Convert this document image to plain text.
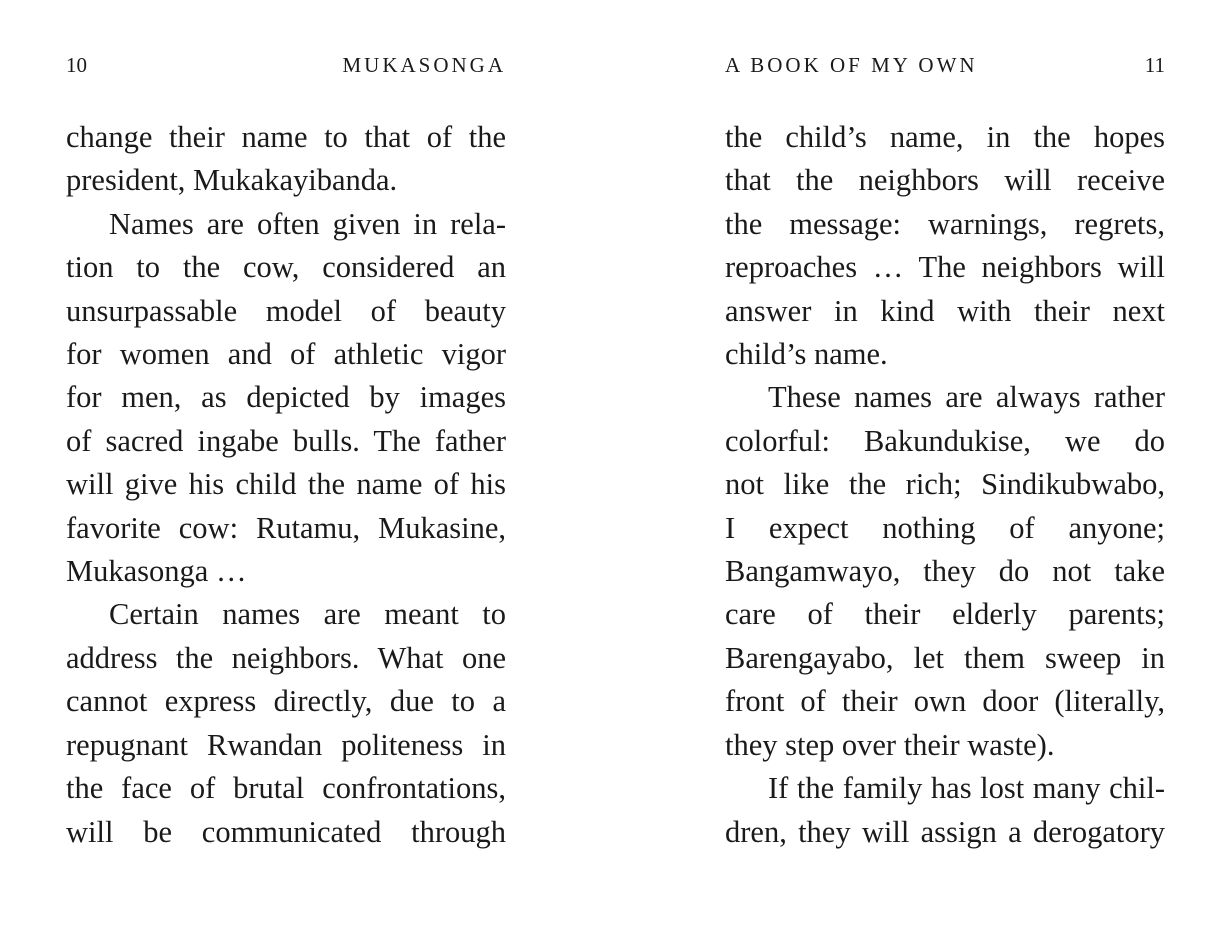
10	MUKASONGA
change their name to that of the
president, Mukakayibanda.
Names are often given in rela-
tion to the cow, considered an
unsurpassable model of beauty
for women and of athletic vigor
for men, as depicted by images
of sacred ingabe bulls. The father
will give his child the name of his
favorite cow: Rutamu, Mukasine,
Mukasonga …
Certain names are meant to
address the neighbors. What one
cannot express directly, due to a
repugnant Rwandan politeness in
the face of brutal confrontations,
will be communicated through
A BOOK OF MY OWN	11
the child’s name, in the hopes
that the neighbors will receive
the message: warnings, regrets,
reproaches … The neighbors will
answer in kind with their next
child’s name.
These names are always rather
colorful: Bakundukise, we do
not like the rich; Sindikubwabo,
I expect nothing of anyone;
Bangamwayo, they do not take
care of their elderly parents;
Barengayabo, let them sweep in
front of their own door (literally,
they step over their waste).
If the family has lost many chil-
dren, they will assign a derogatory
